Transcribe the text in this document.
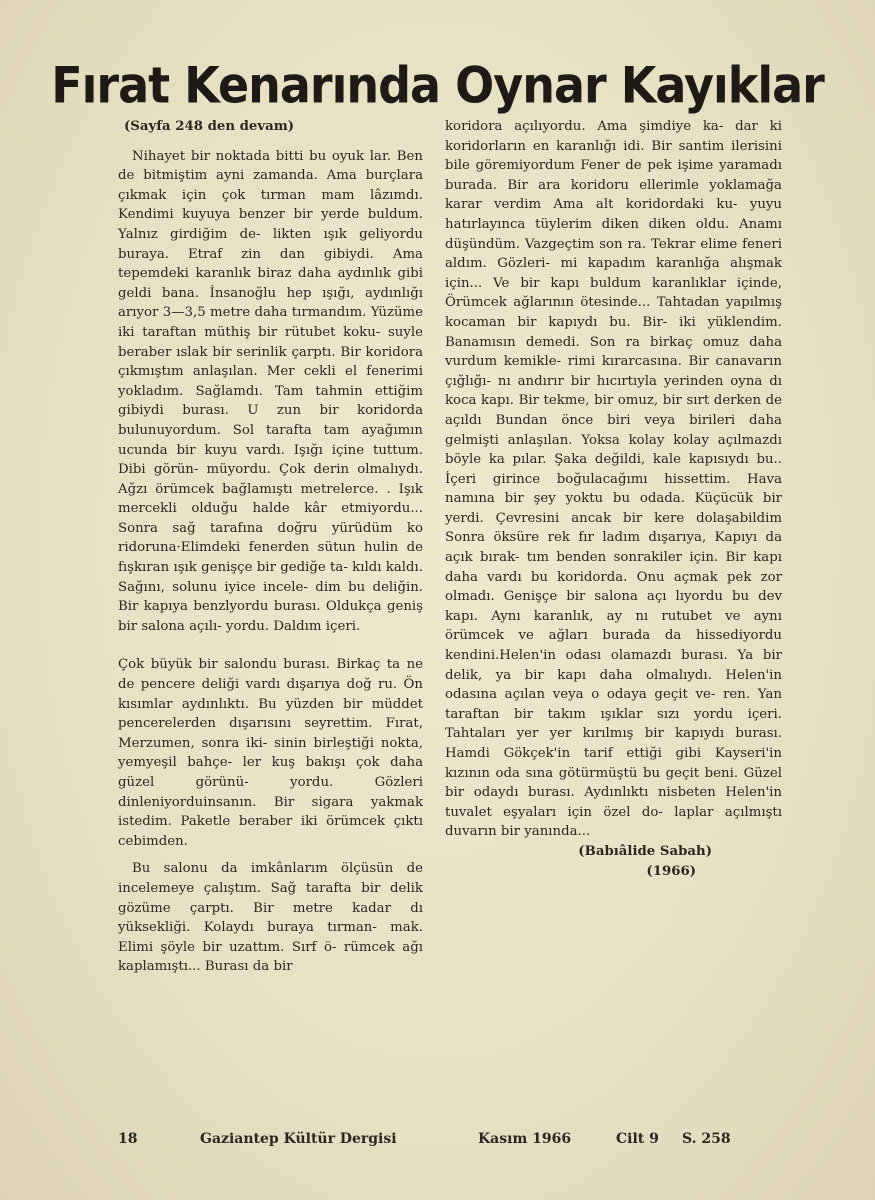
Fırat Kenarında Oynar Kayıklar

(Sayfa 248 den devam)

Nihayet bir noktada bitti bu oyuk lar. Ben de bitmiştim ayni zamanda. Ama burçlara çıkmak için çok tırman mam lâzımdı. Kendimi kuyuya benzer bir yerde buldum. Yalnız girdiğim de- likten ışık geliyordu buraya. Etraf zin dan gibiydi. Ama tepemdeki karanlık biraz daha aydınlık gibi geldi bana. İnsanoğlu hep ışığı, aydınlığı arıyor 3—3,5 metre daha tırmandım. Yüzüme iki taraftan müthiş bir rütubet koku- suyle beraber ıslak bir serinlik çarptı. Bir koridora çıkmıştım anlaşılan. Mer cekli el fenerimi yokladım. Sağlamdı. Tam tahmin ettiğim gibiydi burası. U zun bir koridorda bulunuyordum. Sol tarafta tam ayağımın ucunda bir kuyu vardı. Işığı içine tuttum. Dibi görün- müyordu. Çok derin olmalıydı. Ağzı örümcek bağlamıştı metrelerce. . Işık mercekli olduğu halde kâr etmiyordu... Sonra sağ tarafına doğru yürüdüm ko ridoruna·Elimdeki fenerden sütun hulin de fışkıran ışık genişçe bir gediğe ta- kıldı kaldı. Sağını, solunu iyice incele- dim bu deliğin. Bir kapıya benzlyordu burası. Oldukça geniş bir salona açılı- yordu. Daldım içeri.

Çok büyük bir salondu burası. Birkaç ta ne de pencere deliği vardı dışarıya doğ ru. Ön kısımlar aydınlıktı. Bu yüzden bir müddet pencerelerden dışarısını seyrettim. Fırat, Merzumen, sonra iki- sinin birleştiği nokta, yemyeşil bahçe- ler kuş bakışı çok daha güzel görünü- yordu. Gözleri dinleniyorduinsanın. Bir sigara yakmak istedim. Paketle beraber iki örümcek çıktı cebimden.

Bu salonu da imkânlarım ölçüsün de incelemeye çalıştım. Sağ tarafta bir delik gözüme çarptı. Bir metre kadar dı yüksekliği. Kolaydı buraya tırman- mak. Elimi şöyle bir uzattım. Sırf ö- rümcek ağı kaplamıştı... Burası da bir

koridora açılıyordu. Ama şimdiye ka- dar ki koridorların en karanlığı idi. Bir santim ilerisini bile göremiyordum Fener de pek işime yaramadı burada. Bir ara koridoru ellerimle yoklamağa karar verdim Ama alt koridordaki ku- yuyu hatırlayınca tüylerim diken diken oldu. Anamı düşündüm. Vazgeçtim son ra. Tekrar elime feneri aldım. Gözleri- mi kapadım karanlığa alışmak için... Ve bir kapı buldum karanlıklar içinde, Örümcek ağlarının ötesinde... Tahtadan yapılmış kocaman bir kapıydı bu. Bir- iki yüklendim. Banamısın demedi. Son ra birkaç omuz daha vurdum kemikle- rimi kırarcasına. Bir canavarın çığlığı- nı andırır bir hıcırtıyla yerinden oyna dı koca kapı. Bir tekme, bir omuz, bir sırt derken de açıldı Bundan önce biri veya birileri daha gelmişti anlaşılan. Yoksa kolay kolay açılmazdı böyle ka pılar. Şaka değildi, kale kapısıydı bu.. İçeri girince boğulacağımı hissettim. Hava namına bir şey yoktu bu odada. Küçücük bir yerdi. Çevresini ancak bir kere dolaşabildim Sonra öksüre rek fır ladım dışarıya, Kapıyı da açık bırak- tım benden sonrakiler için. Bir kapı daha vardı bu koridorda. Onu açmak pek zor olmadı. Genişçe bir salona açı lıyordu bu dev kapı. Aynı karanlık, ay nı rutubet ve aynı örümcek ve ağları burada da hissediyordu kendini.Helen'in odası olamazdı burası. Ya bir delik, ya bir kapı daha olmalıydı. Helen'in odasına açılan veya o odaya geçit ve- ren. Yan taraftan bir takım ışıklar sızı yordu içeri. Tahtaları yer yer kırılmış bir kapıydı burası. Hamdi Gökçek'in tarif ettiği gibi Kayseri'in kızının oda sına götürmüştü bu geçit beni. Güzel bir odaydı burası. Aydınlıktı nisbeten Helen'in tuvalet eşyaları için özel do- laplar açılmıştı duvarın bir yanında...

(Babıâlide Sabah)

(1966)

18	Gaziantep Kültür Dergisi	Kasım 1966	Cilt 9 S. 258
